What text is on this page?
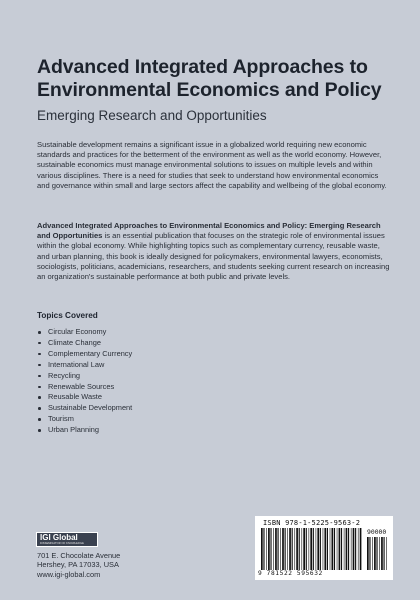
Advanced Integrated Approaches to Environmental Economics and Policy

Emerging Research and Opportunities

Sustainable development remains a significant issue in a globalized world requiring new economic standards and practices for the betterment of the environment as well as the world economy. However, sustainable economics must manage environmental solutions to issues on multiple levels and within various disciplines. There is a need for studies that seek to understand how environmental economics and governance within small and large sectors affect the capability and wellbeing of the global economy.

Advanced Integrated Approaches to Environmental Economics and Policy: Emerging Research and Opportunities is an essential publication that focuses on the strategic role of environmental issues within the global economy. While highlighting topics such as complementary currency, reusable waste, and urban planning, this book is ideally designed for policymakers, environmental lawyers, economists, sociologists, politicians, academicians, researchers, and students seeking current research on increasing an organization's sustainable performance at both public and private levels.

Topics Covered

Circular Economy
Climate Change
Complementary Currency
International Law
Recycling
Renewable Sources
Reusable Waste
Sustainable Development
Tourism
Urban Planning
IGI Global
DISSEMINATOR OF KNOWLEDGE

701 E. Chocolate Avenue
Hershey, PA 17033, USA
www.igi-global.com

ISBN 978-1-5225-9563-2
90000
9 781522 595632
